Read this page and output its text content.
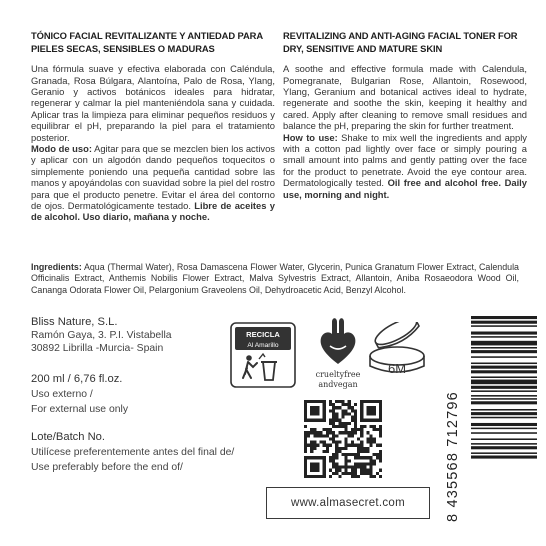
TÓNICO FACIAL REVITALIZANTE Y ANTIEDAD PARA PIELES SECAS, SENSIBLES O MADURAS

Una fórmula suave y efectiva elaborada con Caléndula, Granada, Rosa Búlgara, Alantoína, Palo de Rosa, Ylang, Geranio y activos botánicos ideales para hidratar, regenerar y calmar la piel manteniéndola sana y cuidada. Aplicar tras la limpieza para eliminar pequeños residuos y equilibrar el pH, preparando la piel para el tratamiento posterior.

Modo de uso: Agitar para que se mezclen bien los activos y aplicar con un algodón dando pequeños toquecitos o simplemente poniendo una pequeña cantidad sobre las manos y apoyándolas con suavidad sobre la piel del rostro para que el producto penetre. Evitar el área del contorno de ojos. Dermatológicamente testado. Libre de aceites y de alcohol. Uso diario, mañana y noche.

REVITALIZING AND ANTI-AGING FACIAL TONER FOR DRY, SENSITIVE AND MATURE SKIN

A soothe and effective formula made with Calendula, Pomegranate, Bulgarian Rose, Allantoin, Rosewood, Ylang, Geranium and botanical actives ideal to hydrate, regenerate and soothe the skin, keeping it healthy and cared. Apply after cleaning to remove small residues and balance the pH, preparing the skin for further treatment.

How to use: Shake to mix well the ingredients and apply with a cotton pad lightly over face or simply pouring a small amount into palms and gently patting over the face for the product to penetrate. Avoid the eye contour area. Dermatologically tested. Oil free and alcohol free. Daily use, morning and night.

Ingredients: Aqua (Thermal Water), Rosa Damascena Flower Water, Glycerin, Punica Granatum Flower Extract, Calendula Officinalis Extract, Anthemis Nobilis Flower Extract, Malva Sylvestris Extract, Allantoin, Aniba Rosaeodora Wood Oil, Cananga Odorata Flower Oil, Pelargonium Graveolens Oil, Dehydroacetic Acid, Benzyl Alcohol.
Bliss Nature, S.L.
Ramón Gaya, 3. P.I. Vistabella
30892 Librilla -Murcia- Spain
200 ml / 6,76 fl.oz.
Uso externo /
For external use only
Lote/Batch No.
Utilícese preferentemente antes del final de/
Use preferably before the end of/
RECICLA
Al Amarillo
crueltyfree
andvegan
6M
www.almasecret.com	8 435568 712796
